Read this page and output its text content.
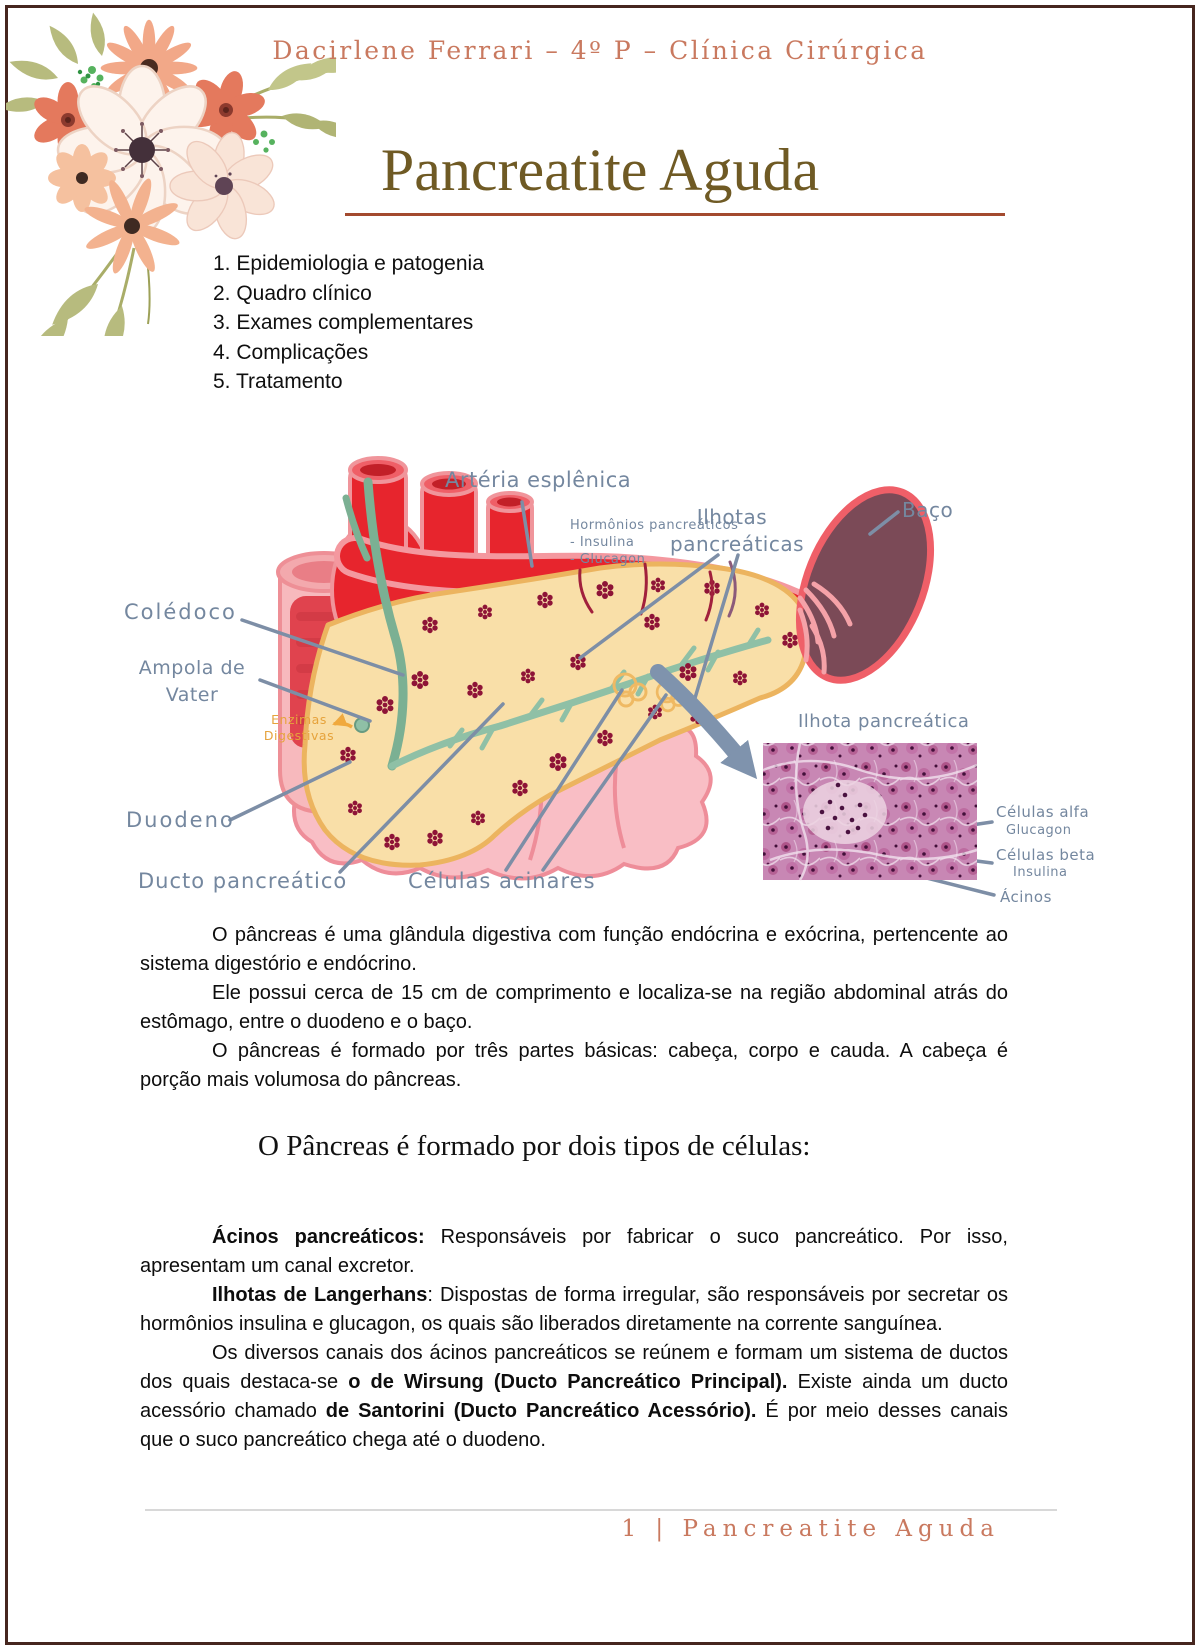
Dacirlene Ferrari – 4º P – Clínica Cirúrgica
Pancreatite Aguda
1. Epidemiologia e patogenia
2. Quadro clínico
3. Exames complementares
4. Complicações
5. Tratamento
Artéria esplênica
Hormônios pancreáticos
- Insulina
- Glucagon
Ilhotas
pancreáticas
Baço
Colédoco
Ampola de
Vater
Enzimas
Digestivas
Duodeno
Ducto pancreático	Células acinares
Ilhota pancreática
Células alfa
Glucagon
Células beta
Insulina
Ácinos

O pâncreas é uma glândula digestiva com função endócrina e exócrina, pertencente ao sistema digestório e endócrino.

Ele possui cerca de 15 cm de comprimento e localiza-se na região abdominal atrás do estômago, entre o duodeno e o baço.

O pâncreas é formado por três partes básicas: cabeça, corpo e cauda. A cabeça é porção mais volumosa do pâncreas.

O Pâncreas é formado por dois tipos de células:

Ácinos pancreáticos: Responsáveis por fabricar o suco pancreático. Por isso, apresentam um canal excretor.

Ilhotas de Langerhans: Dispostas de forma irregular, são responsáveis por secretar os hormônios insulina e glucagon, os quais são liberados diretamente na corrente sanguínea.

Os diversos canais dos ácinos pancreáticos se reúnem e formam um sistema de ductos dos quais destaca-se o de Wirsung (Ducto Pancreático Principal). Existe ainda um ducto acessório chamado de Santorini (Ducto Pancreático Acessório). É por meio desses canais que o suco pancreático chega até o duodeno.

1 | Pancreatite Aguda
